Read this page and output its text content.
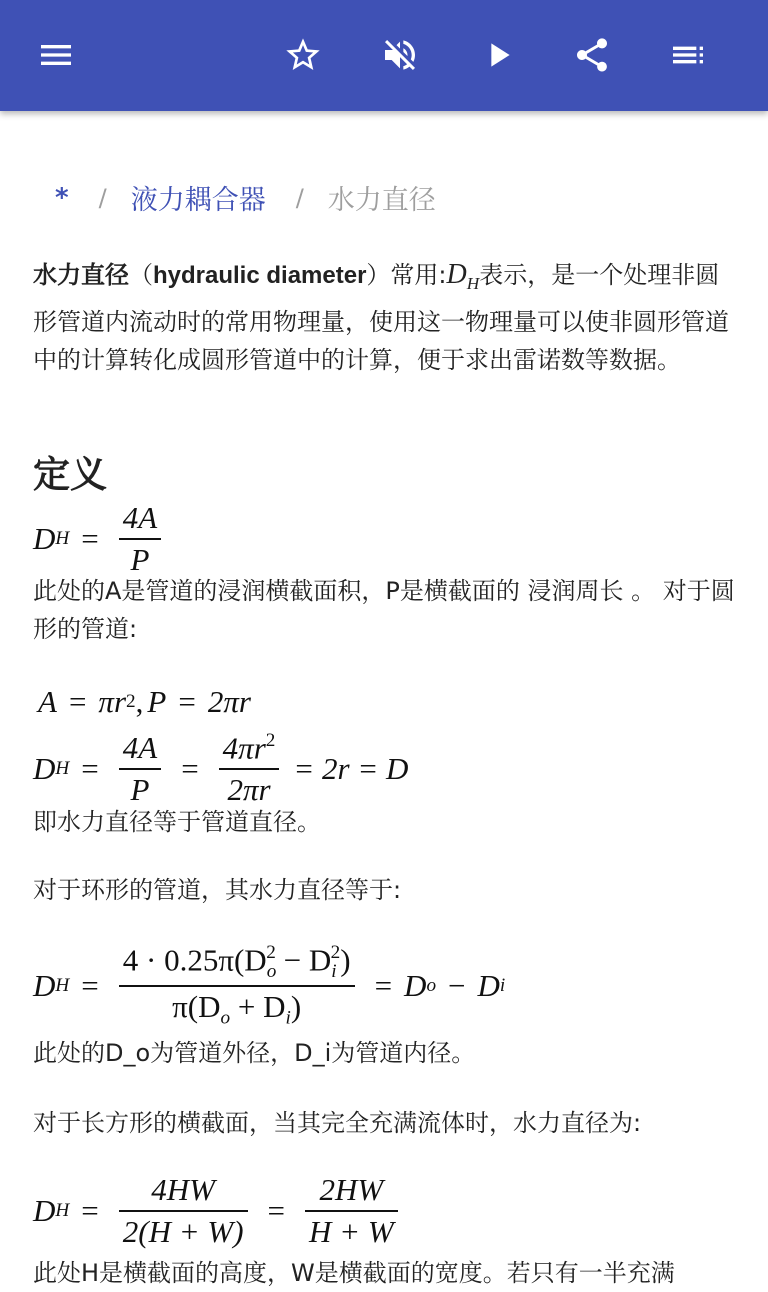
* / 液力耦合器 / 水力直径
水力直径（hydraulic diameter）常用$:D_H$表示，是一个处理非圆形管道内流动时的常用物理量，使用这一物理量可以使非圆形管道中的计算转化成圆形管道中的计算，便于求出雷诺数等数据。
定义
D $H = \frac{4A}{P}$
此处的A是管道的浸润横截面积，P是横截面的 浸润周长 。 对于圆形的管道:
A = πr 2 , P = 2πr
D $H = \frac{4A}{P} = \frac{4\pi r^2}{2\pi r} = 2r = D$
即水力直径等于管道直径。
对于环形的管道，其水力直径等于:
D $H = \frac{4 \cdot 0.25\pi(D_o^2 - D_i^2)}{\pi(D_o + D_i)} = D$ o − D i
此处的D_o为管道外径，D_i为管道内径。
对于长方形的横截面，当其完全充满流体时，水力直径为:
D $H = \frac{4HW}{2(H + W)} = \frac{2HW}{H + W}$
此处H是横截面的高度，W是横截面的宽度。若只有一半充满
